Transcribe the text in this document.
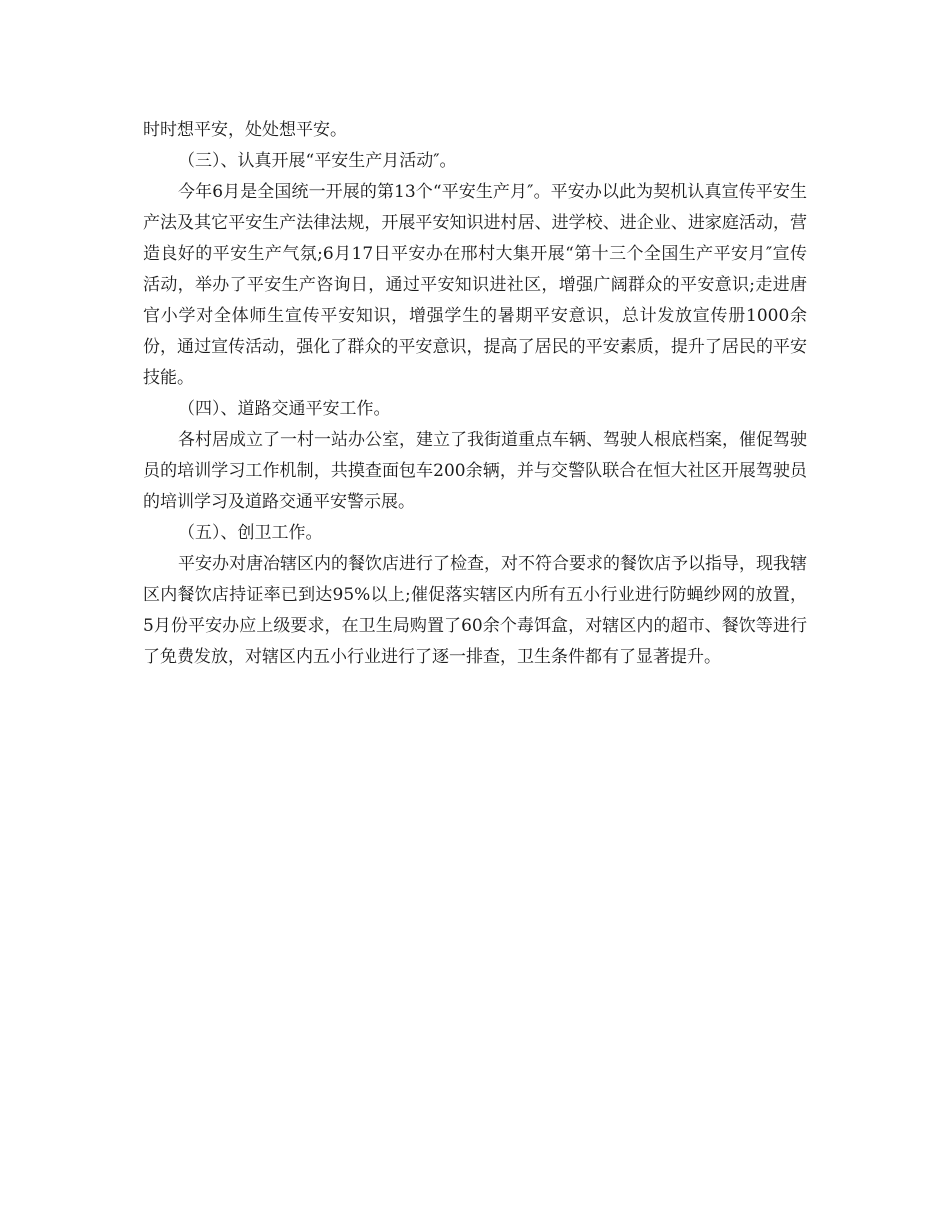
时时想平安，处处想平安。

（三）、认真开展“平安生产月活动″。

今年6月是全国统一开展的第13个“平安生产月″。平安办以此为契机认真宣传平安生产法及其它平安生产法律法规，开展平安知识进村居、进学校、进企业、进家庭活动，营造良好的平安生产气氛;6月17日平安办在邢村大集开展“第十三个全国生产平安月″宣传活动，举办了平安生产咨询日，通过平安知识进社区，增强广阔群众的平安意识;走进唐官小学对全体师生宣传平安知识，增强学生的暑期平安意识，总计发放宣传册1000余份，通过宣传活动，强化了群众的平安意识，提高了居民的平安素质，提升了居民的平安技能。

（四）、道路交通平安工作。

各村居成立了一村一站办公室，建立了我街道重点车辆、驾驶人根底档案，催促驾驶员的培训学习工作机制，共摸查面包车200余辆，并与交警队联合在恒大社区开展驾驶员的培训学习及道路交通平安警示展。

（五）、创卫工作。

平安办对唐冶辖区内的餐饮店进行了检查，对不符合要求的餐饮店予以指导，现我辖区内餐饮店持证率已到达95%以上;催促落实辖区内所有五小行业进行防蝇纱网的放置，5月份平安办应上级要求，在卫生局购置了60余个毒饵盒，对辖区内的超市、餐饮等进行了免费发放，对辖区内五小行业进行了逐一排查，卫生条件都有了显著提升。
